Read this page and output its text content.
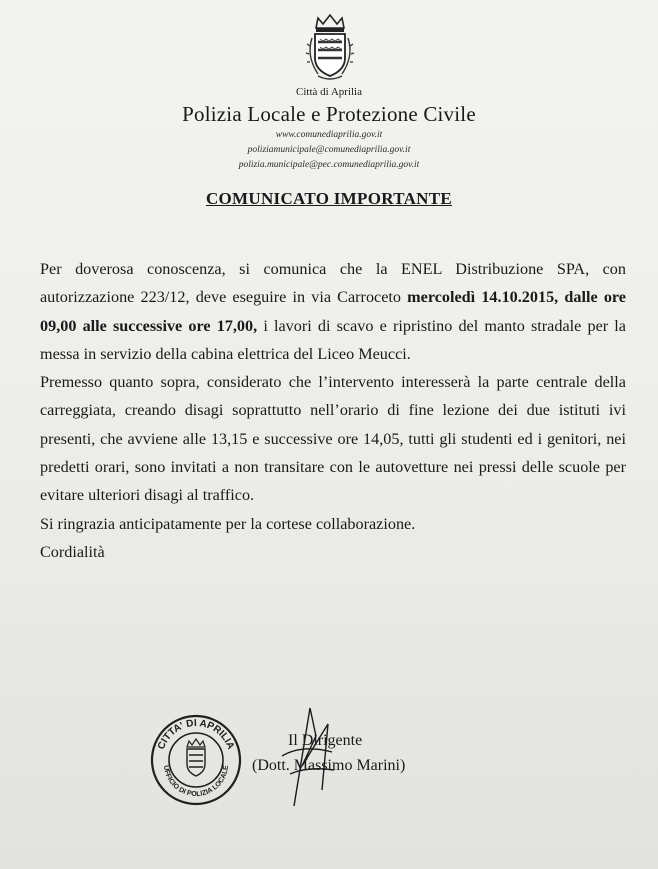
Città di Aprilia
Polizia Locale e Protezione Civile
www.comunediaprilia.gov.it
poliziamunicipale@comunediaprilia.gov.it
polizia.municipale@pec.comunediaprilia.gov.it
COMUNICATO IMPORTANTE

Per doverosa conoscenza, si comunica che la ENEL Distribuzione SPA, con autorizzazione 223/12, deve eseguire in via Carroceto mercoledì 14.10.2015, dalle ore 09,00 alle successive ore 17,00, i lavori di scavo e ripristino del manto stradale per la messa in servizio della cabina elettrica del Liceo Meucci.

Premesso quanto sopra, considerato che l’intervento interesserà la parte centrale della carreggiata, creando disagi soprattutto nell’orario di fine lezione dei due istituti ivi presenti, che avviene alle 13,15 e successive ore 14,05, tutti gli studenti ed i genitori, nei predetti orari, sono invitati a non transitare con le autovetture nei pressi delle scuole per evitare ulteriori disagi al traffico.

Si ringrazia anticipatamente per la cortese collaborazione.

Cordialità

CITTA' DI APRILIA
UFFICIO DI POLIZIA LOCALE
Il Dirigente
(Dott. Massimo Marini)
